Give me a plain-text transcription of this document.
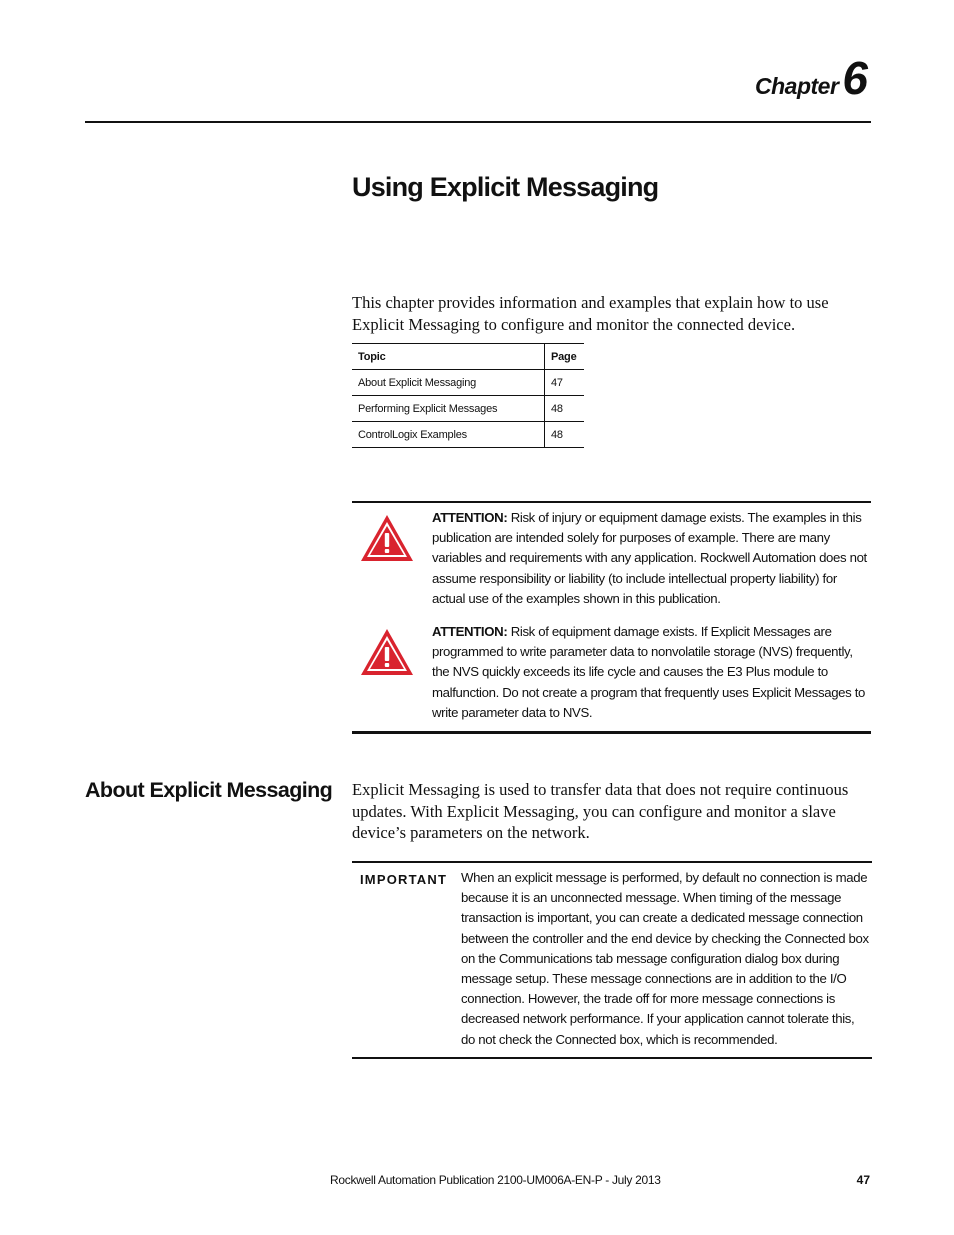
Chapter 6
Using Explicit Messaging

This chapter provides information and examples that explain how to use Explicit Messaging to configure and monitor the connected device.

Topic	Page
About Explicit Messaging	47
Performing Explicit Messages	48
ControlLogix Examples	48

ATTENTION: Risk of injury or equipment damage exists. The examples in this publication are intended solely for purposes of example. There are many variables and requirements with any application. Rockwell Automation does not assume responsibility or liability (to include intellectual property liability) for actual use of the examples shown in this publication.

ATTENTION: Risk of equipment damage exists. If Explicit Messages are programmed to write parameter data to nonvolatile storage (NVS) frequently, the NVS quickly exceeds its life cycle and causes the E3 Plus module to malfunction. Do not create a program that frequently uses Explicit Messages to write parameter data to NVS.

About Explicit Messaging Explicit Messaging is used to transfer data that does not require continuous updates. With Explicit Messaging, you can configure and monitor a slave device’s parameters on the network.

IMPORTANT When an explicit message is performed, by default no connection is made because it is an unconnected message. When timing of the message transaction is important, you can create a dedicated message connection between the controller and the end device by checking the Connected box on the Communications tab message configuration dialog box during message setup. These message connections are in addition to the I/O connection. However, the trade off for more message connections is decreased network performance. If your application cannot tolerate this, do not check the Connected box, which is recommended.

Rockwell Automation Publication 2100-UM006A-EN-P - July 2013	47
